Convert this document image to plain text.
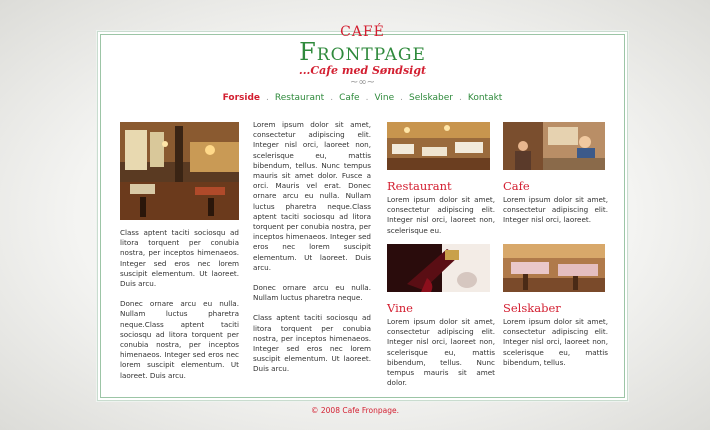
CAFÉ
Frontpage
...Cafe med Søndsigt
~∞~
Forside . Restaurant . Cafe . Vine . Selskaber . Kontakt

Class aptent taciti sociosqu ad litora torquent per conubia nostra, per inceptos himenaeos. Integer sed eros nec lorem suscipit elementum. Ut laoreet. Duis arcu.

Donec ornare arcu eu nulla. Nullam luctus pharetra neque.Class aptent taciti sociosqu ad litora torquent per conubia nostra, per inceptos himenaeos. Integer sed eros nec lorem suscipit elementum. Ut laoreet. Duis arcu.

Lorem ipsum dolor sit amet, consectetur adipiscing elit. Integer nisl orci, laoreet non, scelerisque eu, mattis bibendum, tellus. Nunc tempus mauris sit amet dolor. Fusce a orci. Mauris vel erat. Donec ornare arcu eu nulla. Nullam luctus pharetra neque.Class aptent taciti sociosqu ad litora torquent per conubia nostra, per inceptos himenaeos. Integer sed eros nec lorem suscipit elementum. Ut laoreet. Duis arcu.

Donec ornare arcu eu nulla. Nullam luctus pharetra neque.

Class aptent taciti sociosqu ad litora torquent per conubia nostra, per inceptos himenaeos. Integer sed eros nec lorem suscipit elementum. Ut laoreet. Duis arcu.

Restaurant
Lorem ipsum dolor sit amet, consectetur adipiscing elit. Integer nisl orci, laoreet non, scelerisque eu.
Cafe
Lorem ipsum dolor sit amet, consectetur adipiscing elit. Integer nisl orci, laoreet.
Vine
Lorem ipsum dolor sit amet, consectetur adipiscing elit. Integer nisl orci, laoreet non, scelerisque eu, mattis bibendum, tellus. Nunc tempus mauris sit amet dolor.
Selskaber
Lorem ipsum dolor sit amet, consectetur adipiscing elit. Integer nisl orci, laoreet non, scelerisque eu, mattis bibendum, tellus.
© 2008 Cafe Fronpage.
